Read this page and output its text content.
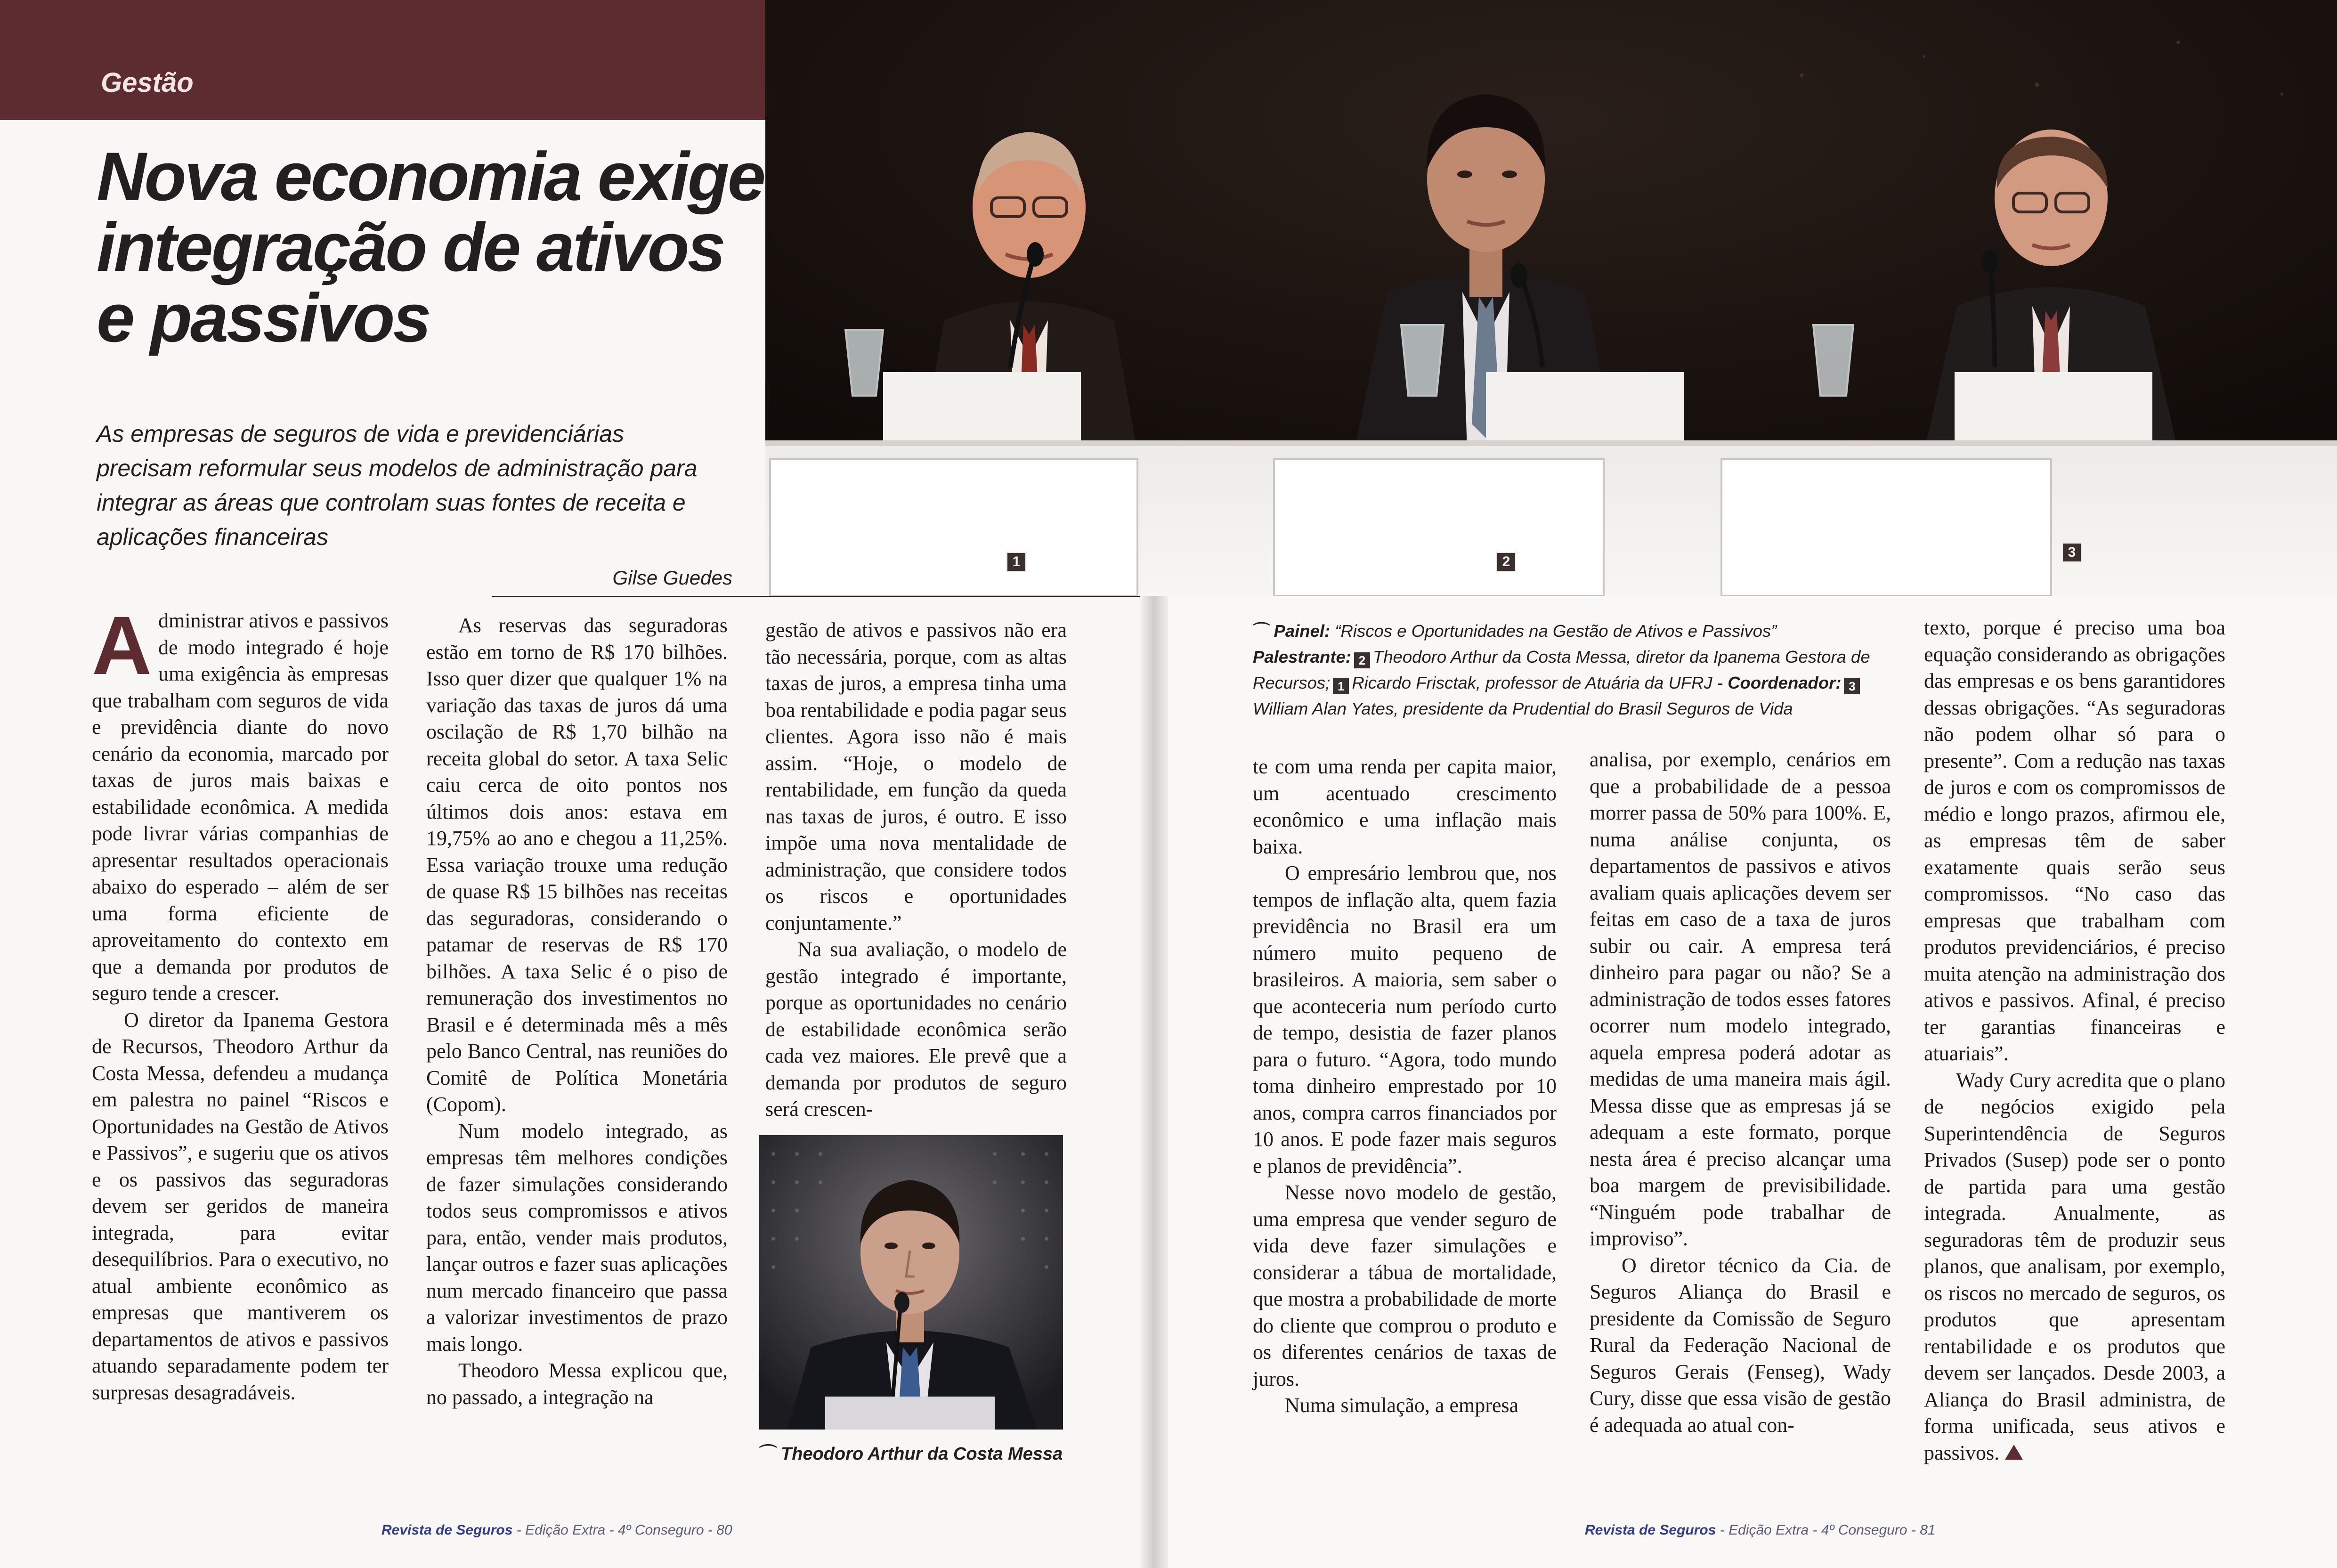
Gestão
Nova economia exige integração de ativos e passivos

As empresas de seguros de vida e previdenciárias precisam reformular seus modelos de administração para integrar as áreas que controlam suas fontes de receita e aplicações financeiras

Gilse Guedes

Administrar ativos e passivos de modo integrado é hoje uma exigência às empresas que trabalham com seguros de vida e previdência diante do novo cenário da economia, marcado por taxas de juros mais baixas e estabilidade econômica. A medida pode livrar várias companhias de apresentar resultados operacionais abaixo do esperado – além de ser uma forma eficiente de aproveitamento do contexto em que a demanda por produtos de seguro tende a crescer.

O diretor da Ipanema Gestora de Recursos, Theodoro Arthur da Costa Messa, defendeu a mudança em palestra no painel “Riscos e Oportunidades na Gestão de Ativos e Passivos”, e sugeriu que os ativos e os passivos das seguradoras devem ser geridos de maneira integrada, para evitar desequilíbrios. Para o executivo, no atual ambiente econômico as empresas que mantiverem os departamentos de ativos e passivos atuando separadamente podem ter surpresas desagradáveis.

As reservas das seguradoras estão em torno de R$ 170 bilhões. Isso quer dizer que qualquer 1% na variação das taxas de juros dá uma oscilação de R$ 1,70 bilhão na receita global do setor. A taxa Selic caiu cerca de oito pontos nos últimos dois anos: estava em 19,75% ao ano e chegou a 11,25%. Essa variação trouxe uma redução de quase R$ 15 bilhões nas receitas das seguradoras, considerando o patamar de reservas de R$ 170 bilhões. A taxa Selic é o piso de remuneração dos investimentos no Brasil e é determinada mês a mês pelo Banco Central, nas reuniões do Comitê de Política Monetária (Copom).

Num modelo integrado, as empresas têm melhores condições de fazer simulações considerando todos seus compromissos e ativos para, então, vender mais produtos, lançar outros e fazer suas aplicações num mercado financeiro que passa a valorizar investimentos de prazo mais longo.

Theodoro Messa explicou que, no passado, a integração na

gestão de ativos e passivos não era tão necessária, porque, com as altas taxas de juros, a empresa tinha uma boa rentabilidade e podia pagar seus clientes. Agora isso não é mais assim. “Hoje, o modelo de rentabilidade, em função da queda nas taxas de juros, é outro. E isso impõe uma nova mentalidade de administração, que considere todos os riscos e oportunidades conjuntamente.”

Na sua avaliação, o modelo de gestão integrado é importante, porque as oportunidades no cenário de estabilidade econômica serão cada vez maiores. Ele prevê que a demanda por produtos de seguro será crescen-

⌒ Theodoro Arthur da Costa Messa
Revista de Seguros - Edição Extra - 4º Conseguro - 80

te com uma renda per capita maior, um acentuado crescimento econômico e uma inflação mais baixa.

O empresário lembrou que, nos tempos de inflação alta, quem fazia previdência no Brasil era um número muito pequeno de brasileiros. A maioria, sem saber o que aconteceria num período curto de tempo, desistia de fazer planos para o futuro. “Agora, todo mundo toma dinheiro emprestado por 10 anos, compra carros financiados por 10 anos. E pode fazer mais seguros e planos de previdência”.

Nesse novo modelo de gestão, uma empresa que vender seguro de vida deve fazer simulações e considerar a tábua de mortalidade, que mostra a probabilidade de morte do cliente que comprou o produto e os diferentes cenários de taxas de juros.

Numa simulação, a empresa

analisa, por exemplo, cenários em que a probabilidade de a pessoa morrer passa de 50% para 100%. E, numa análise conjunta, os departamentos de passivos e ativos avaliam quais aplicações devem ser feitas em caso de a taxa de juros subir ou cair. A empresa terá dinheiro para pagar ou não? Se a administração de todos esses fatores ocorrer num modelo integrado, aquela empresa poderá adotar as medidas de uma maneira mais ágil. Messa disse que as empresas já se adequam a este formato, porque nesta área é preciso alcançar uma boa margem de previsibilidade. “Ninguém pode trabalhar de improviso”.

O diretor técnico da Cia. de Seguros Aliança do Brasil e presidente da Comissão de Seguro Rural da Federação Nacional de Seguros Gerais (Fenseg), Wady Cury, disse que essa visão de gestão é adequada ao atual con-

texto, porque é preciso uma boa equação considerando as obrigações das empresas e os bens garantidores dessas obrigações. “As seguradoras não podem olhar só para o presente”. Com a redução nas taxas de juros e com os compromissos de médio e longo prazos, afirmou ele, as empresas têm de saber exatamente quais serão seus compromissos. “No caso das empresas que trabalham com produtos previdenciários, é preciso muita atenção na administração dos ativos e passivos. Afinal, é preciso ter garantias financeiras e atuariais”.

Wady Cury acredita que o plano de negócios exigido pela Superintendência de Seguros Privados (Susep) pode ser o ponto de partida para uma gestão integrada. Anualmente, as seguradoras têm de produzir seus planos, que analisam, por exemplo, os riscos no mercado de seguros, os produtos que apresentam rentabilidade e os produtos que devem ser lançados. Desde 2003, a Aliança do Brasil administra, de forma unificada, seus ativos e passivos.

Revista de Seguros - Edição Extra - 4º Conseguro - 81
1	2
3
⌒ Painel: “Riscos e Oportunidades na Gestão de Ativos e Passivos”
Palestrante: 2 Theodoro Arthur da Costa Messa, diretor da Ipanema Gestora de Recursos; 1 Ricardo Frisctak, professor de Atuária da UFRJ - Coordenador: 3
William Alan Yates, presidente da Prudential do Brasil Seguros de Vida
